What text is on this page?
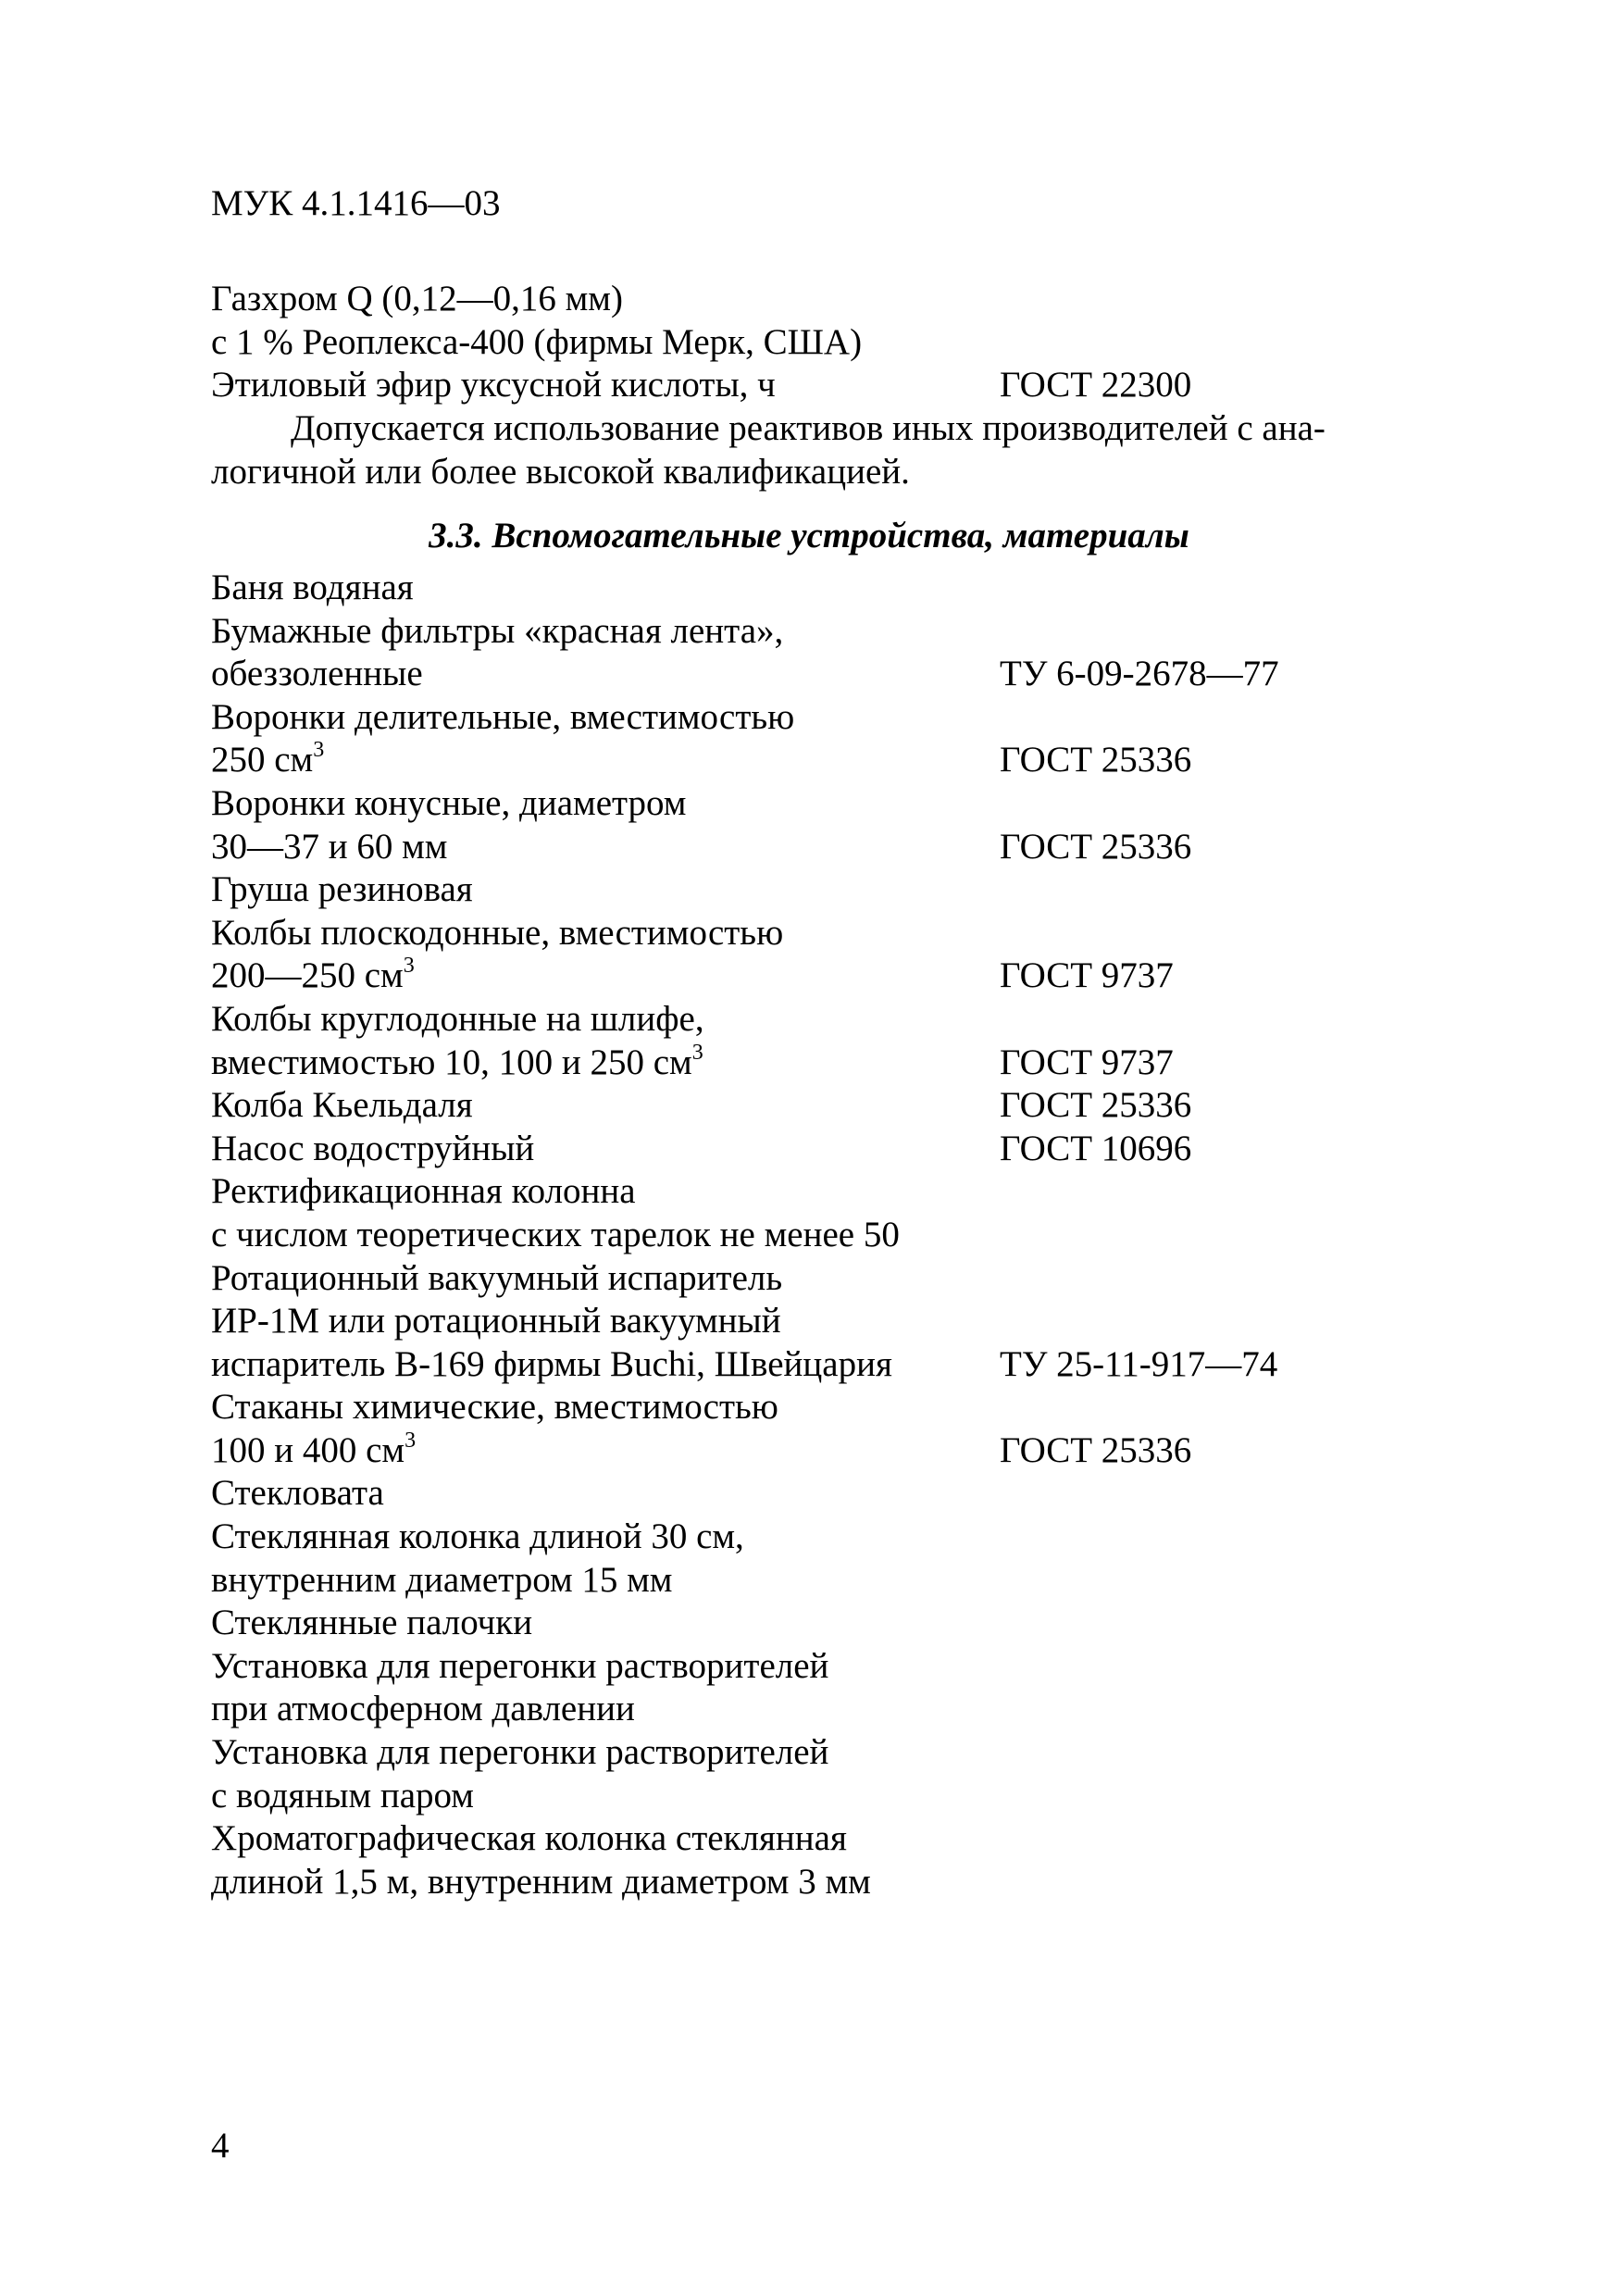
МУК 4.1.1416—03
Газхром Q (0,12—0,16 мм)
с 1 % Реоплекса-400 (фирмы Мерк, США)
Этиловый эфир уксусной кислоты, ч	ГОСТ 22300
Допускается использование реактивов иных производителей с ана-
логичной или более высокой квалификацией.
3.3. Вспомогательные устройства, материалы
Баня водяная
Бумажные фильтры «красная лента»,
обеззоленные	ТУ 6-09-2678—77
Воронки делительные, вместимостью
250 $см^3$	ГОСТ 25336
Воронки конусные, диаметром
30—37 и 60 мм	ГОСТ 25336
Груша резиновая
Колбы плоскодонные, вместимостью
200—250 $см^3$	ГОСТ 9737
Колбы круглодонные на шлифе,
вместимостью 10, 100 и 250 $см^3$	ГОСТ 9737
Колба Кьельдаля	ГОСТ 25336
Насос водоструйный	ГОСТ 10696
Ректификационная колонна
с числом теоретических тарелок не менее 50
Ротационный вакуумный испаритель
ИР-1М или ротационный вакуумный
испаритель В-169 фирмы Buchi, Швейцария	ТУ 25-11-917—74
Стаканы химические, вместимостью
100 и 400 $см^3$	ГОСТ 25336
Стекловата
Стеклянная колонка длиной 30 см,
внутренним диаметром 15 мм
Стеклянные палочки
Установка для перегонки растворителей
при атмосферном давлении
Установка для перегонки растворителей
с водяным паром
Хроматографическая колонка стеклянная
длиной 1,5 м, внутренним диаметром 3 мм
4
